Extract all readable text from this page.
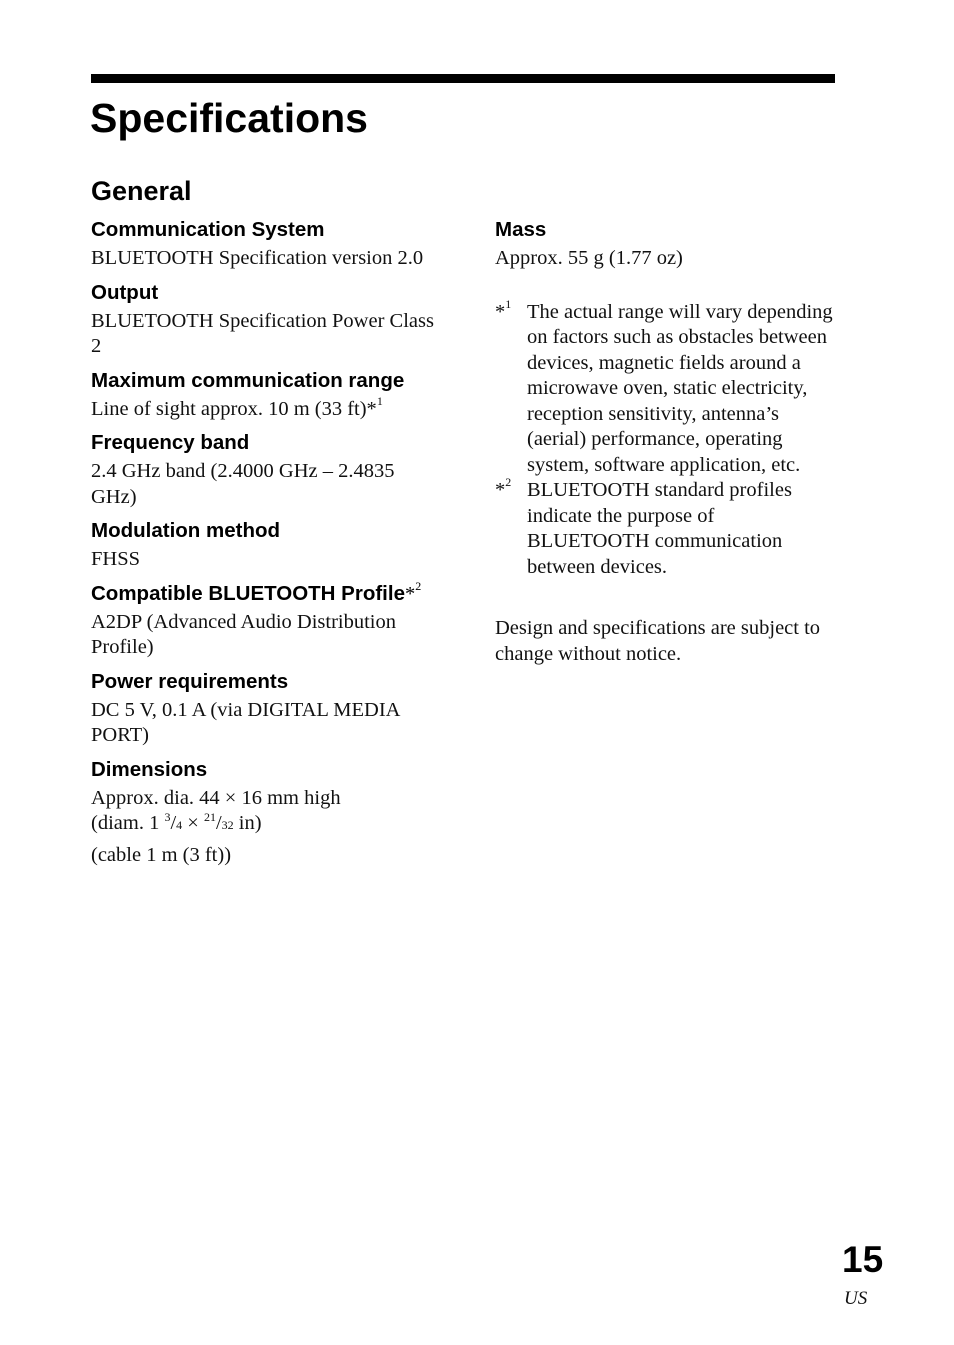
Specifications
General
Communication System
BLUETOOTH Specification version 2.0
Output
BLUETOOTH Specification Power Class 2
Maximum communication range
Line of sight approx. 10 m (33 ft)*$^1$
Frequency band
2.4 GHz band (2.4000 GHz – 2.4835 GHz)
Modulation method
FHSS
Compatible BLUETOOTH Profile*$^2$
A2DP (Advanced Audio Distribution Profile)
Power requirements
DC 5 V, 0.1 A (via DIGITAL MEDIA PORT)
Dimensions
Approx. dia. 44 × 16 mm high
(diam. 1 $^3$/4 × $^{21}$/32 in)
(cable 1 m (3 ft))
Mass
Approx. 55 g (1.77 oz)
*$^1$ The actual range will vary depending on factors such as obstacles between devices, magnetic fields around a microwave oven, static electricity, reception sensitivity, antenna’s (aerial) performance, operating system, software application, etc.
*$^2$ BLUETOOTH standard profiles indicate the purpose of BLUETOOTH communication between devices.
Design and specifications are subject to change without notice.
15
US
